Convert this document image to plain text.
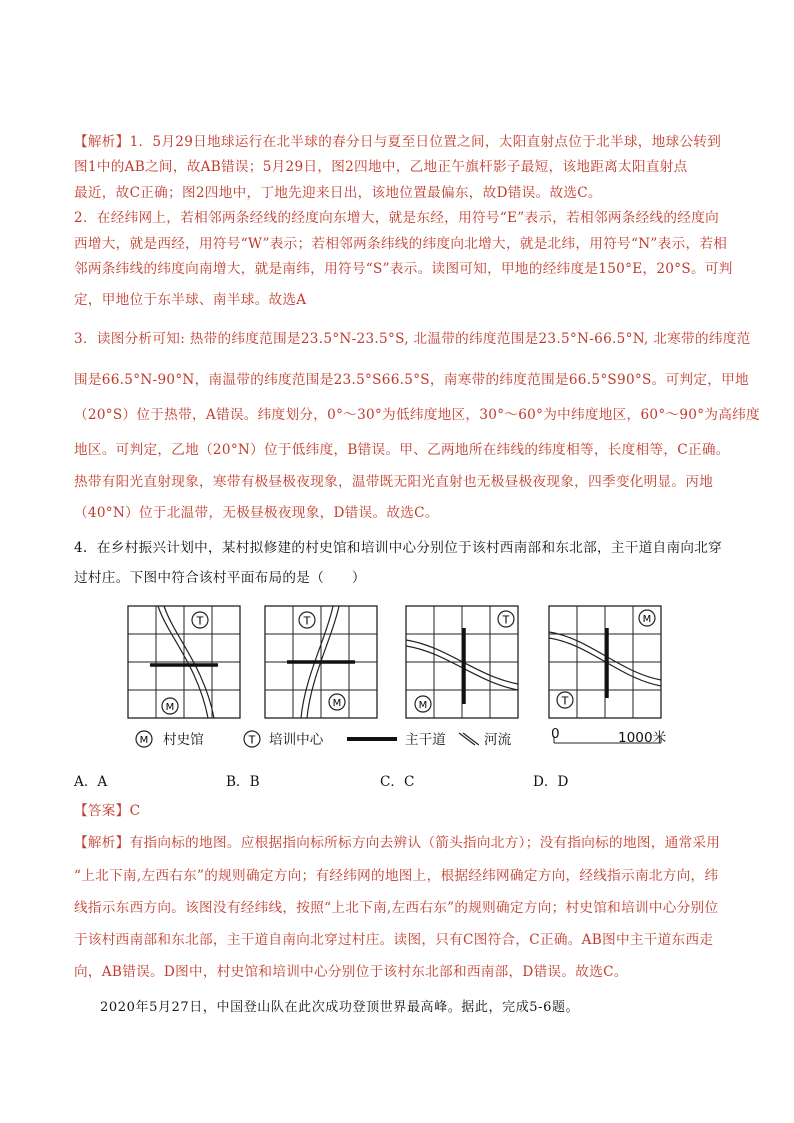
【解析】1．5月29日地球运行在北半球的春分日与夏至日位置之间，太阳直射点位于北半球，地球公转到
图1中的AB之间，故AB错误；5月29日，图2四地中，乙地正午旗杆影子最短，该地距离太阳直射点
最近，故C正确；图2四地中，丁地先迎来日出，该地位置最偏东，故D错误。故选C。
2．在经纬网上，若相邻两条经线的经度向东增大，就是东经，用符号“E”表示，若相邻两条经线的经度向
西增大，就是西经，用符号“W”表示；若相邻两条纬线的纬度向北增大，就是北纬，用符号“N”表示，若相
邻两条纬线的纬度向南增大，就是南纬，用符号“S”表示。读图可知，甲地的经纬度是150°E，20°S。可判
定，甲地位于东半球、南半球。故选A
3．读图分析可知: 热带的纬度范围是23.5°N-23.5°S, 北温带的纬度范围是23.5°N-66.5°N, 北寒带的纬度范
围是66.5°N-90°N，南温带的纬度范围是23.5°S66.5°S，南寒带的纬度范围是66.5°S90°S。可判定，甲地
（20°S）位于热带，A错误。纬度划分，0°～30°为低纬度地区，30°～60°为中纬度地区，60°～90°为高纬度
地区。可判定，乙地（20°N）位于低纬度，B错误。甲、乙两地所在纬线的纬度相等，长度相等，C正确。
热带有阳光直射现象，寒带有极昼极夜现象，温带既无阳光直射也无极昼极夜现象，四季变化明显。丙地
（40°N）位于北温带，无极昼极夜现象，D错误。故选C。
4．在乡村振兴计划中，某村拟修建的村史馆和培训中心分别位于该村西南部和东北部，主干道自南向北穿
过村庄。下图中符合该村平面布局的是（　　）
T
M
T
M
T
M
M
T
M 村史馆	T 培训中心	主干道	河流	0	1000米
A．A	B．B	C．C	D．D
【答案】C
【解析】有指向标的地图。应根据指向标所标方向去辨认（箭头指向北方）；没有指向标的地图，通常采用
“上北下南,左西右东”的规则确定方向；有经纬网的地图上，根据经纬网确定方向，经线指示南北方向，纬
线指示东西方向。该图没有经纬线，按照“上北下南,左西右东”的规则确定方向；村史馆和培训中心分别位
于该村西南部和东北部，主干道自南向北穿过村庄。读图，只有C图符合，C正确。AB图中主干道东西走
向，AB错误。D图中，村史馆和培训中心分别位于该村东北部和西南部，D错误。故选C。
2020年5月27日，中国登山队在此次成功登顶世界最高峰。据此，完成5-6题。
